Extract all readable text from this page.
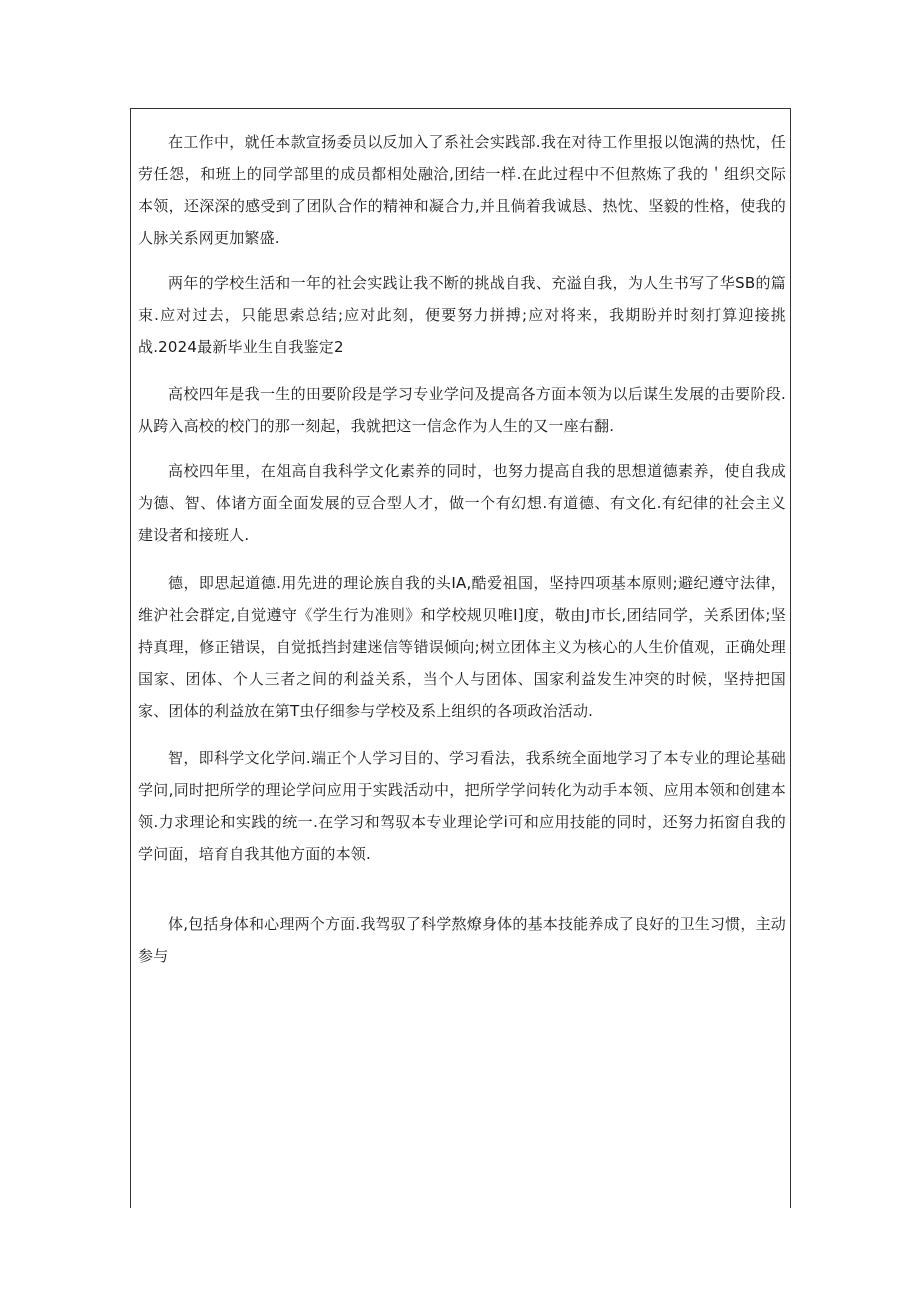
在工作中，就任本款宣扬委员以反加入了系社会实践部.我在对待工作里报以饱满的热忱，任劳任怨，和班上的同学部里的成员都相处融洽,团结一样.在此过程中不但熬炼了我的＇组织交际本领，还深深的感受到了团队合作的精神和凝合力,并且倘着我诚恳、热忱、坚毅的性格，使我的人脉关系网更加繁盛.

两年的学校生活和一年的社会实践让我不断的挑战自我、充溢自我，为人生书写了华SB的篇束.应对过去，只能思索总结;应对此刻，便要努力拼搏;应对将来，我期盼并时刻打算迎接挑战.2024最新毕业生自我鉴定2

高校四年是我一生的田要阶段是学习专业学问及提高各方面本领为以后谋生发展的击要阶段.从跨入高校的校门的那一刻起，我就把这一信念作为人生的又一座右翻.

高校四年里，在俎高自我科学文化素养的同时，也努力提高自我的思想道德素养，使自我成为德、智、体诸方面全面发展的豆合型人才，做一个有幻想.有道德、有文化.有纪律的社会主义建设者和接班人.

德，即思起道德.用先进的理论族自我的头IA,酷爱祖国，坚持四项基本原则;避纪遵守法律，维沪社会群定,自觉遵守《学生行为准则》和学校规贝唯I]度，敬由J市长,团结同学，关系团体;坚持真理，修正错误，自觉抵挡封建迷信等错误倾向;树立团体主义为核心的人生价值观，正确处理国家、团体、个人三者之间的利益关系，当个人与团体、国家利益发生冲突的时候，坚持把国家、团体的利益放在第T虫仔细参与学校及系上组织的各项政治活动.

智，即科学文化学问.端正个人学习目的、学习看法，我系统全面地学习了本专业的理论基础学问,同时把所学的理论学问应用于实践活动中，把所学学问转化为动手本领、应用本领和创建本领.力求理论和实践的统一.在学习和驾驭本专业理论学i可和应用技能的同时，还努力拓窗自我的学问面，培育自我其他方面的本领.

体,包括身体和心理两个方面.我驾驭了科学熬燎身体的基本技能养成了良好的卫生习惯，主动参与
